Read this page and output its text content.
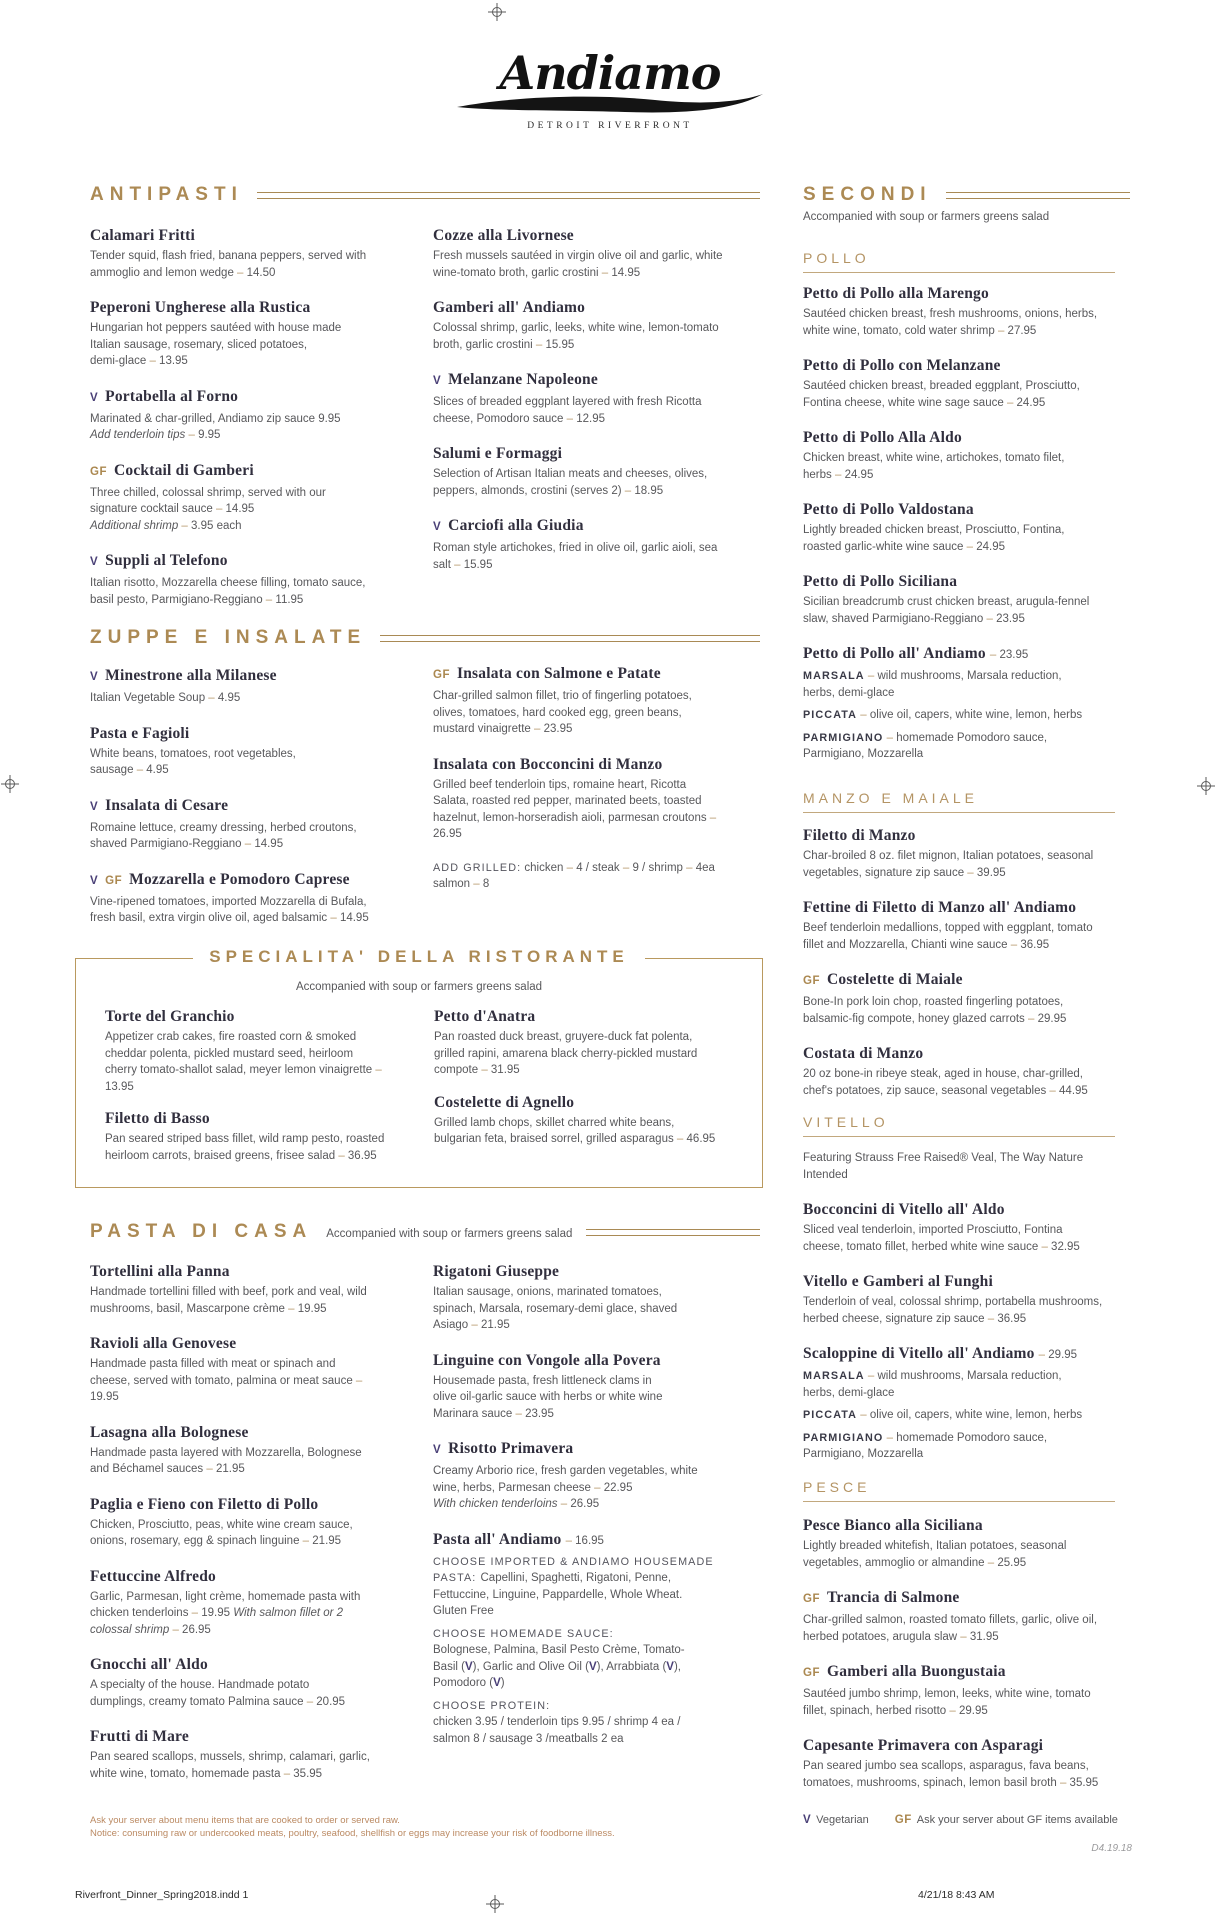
Andiamo
DETROIT RIVERFRONT
ANTIPASTI
Calamari Fritti
Tender squid, flash fried, banana peppers, served with
ammoglio and lemon wedge – 14.50
Peperoni Ungherese alla Rustica
Hungarian hot peppers sautéed with house made
Italian sausage, rosemary, sliced potatoes,
demi-glace – 13.95
V Portabella al Forno
Marinated & char-grilled, Andiamo zip sauce 9.95
Add tenderloin tips – 9.95
GF Cocktail di Gamberi
Three chilled, colossal shrimp, served with our
signature cocktail sauce – 14.95
Additional shrimp – 3.95 each
V Suppli al Telefono
Italian risotto, Mozzarella cheese filling, tomato sauce,
basil pesto, Parmigiano-Reggiano – 11.95
Cozze alla Livornese
Fresh mussels sautéed in virgin olive oil and garlic, white
wine-tomato broth, garlic crostini – 14.95
Gamberi all' Andiamo
Colossal shrimp, garlic, leeks, white wine, lemon-tomato
broth, garlic crostini – 15.95
V Melanzane Napoleone
Slices of breaded eggplant layered with fresh Ricotta
cheese, Pomodoro sauce – 12.95
Salumi e Formaggi
Selection of Artisan Italian meats and cheeses, olives,
peppers, almonds, crostini (serves 2) – 18.95
V Carciofi alla Giudia
Roman style artichokes, fried in olive oil, garlic aioli, sea
salt – 15.95
ZUPPE E INSALATE
V Minestrone alla Milanese
Italian Vegetable Soup – 4.95
Pasta e Fagioli
White beans, tomatoes, root vegetables,
sausage – 4.95
V Insalata di Cesare
Romaine lettuce, creamy dressing, herbed croutons,
shaved Parmigiano-Reggiano – 14.95
V GF Mozzarella e Pomodoro Caprese
Vine-ripened tomatoes, imported Mozzarella di Bufala,
fresh basil, extra virgin olive oil, aged balsamic – 14.95
GF Insalata con Salmone e Patate
Char-grilled salmon fillet, trio of fingerling potatoes,
olives, tomatoes, hard cooked egg, green beans,
mustard vinaigrette – 23.95
Insalata con Bocconcini di Manzo
Grilled beef tenderloin tips, romaine heart, Ricotta
Salata, roasted red pepper, marinated beets, toasted
hazelnut, lemon-horseradish aioli, parmesan croutons –
26.95
ADD GRILLED: chicken – 4 / steak – 9 / shrimp – 4ea
salmon – 8
SPECIALITA' DELLA RISTORANTE
Accompanied with soup or farmers greens salad
Torte del Granchio
Appetizer crab cakes, fire roasted corn & smoked
cheddar polenta, pickled mustard seed, heirloom
cherry tomato-shallot salad, meyer lemon vinaigrette –
13.95
Filetto di Basso
Pan seared striped bass fillet, wild ramp pesto, roasted
heirloom carrots, braised greens, frisee salad – 36.95
Petto d'Anatra
Pan roasted duck breast, gruyere-duck fat polenta,
grilled rapini, amarena black cherry-pickled mustard
compote – 31.95
Costelette di Agnello
Grilled lamb chops, skillet charred white beans,
bulgarian feta, braised sorrel, grilled asparagus – 46.95
PASTA DI CASA Accompanied with soup or farmers greens salad
Tortellini alla Panna
Handmade tortellini filled with beef, pork and veal, wild
mushrooms, basil, Mascarpone crème – 19.95
Ravioli alla Genovese
Handmade pasta filled with meat or spinach and
cheese, served with tomato, palmina or meat sauce –
19.95
Lasagna alla Bolognese
Handmade pasta layered with Mozzarella, Bolognese
and Béchamel sauces – 21.95
Paglia e Fieno con Filetto di Pollo
Chicken, Prosciutto, peas, white wine cream sauce,
onions, rosemary, egg & spinach linguine – 21.95
Fettuccine Alfredo
Garlic, Parmesan, light crème, homemade pasta with
chicken tenderloins – 19.95 With salmon fillet or 2
colossal shrimp – 26.95
Gnocchi all' Aldo
A specialty of the house. Handmade potato
dumplings, creamy tomato Palmina sauce – 20.95
Frutti di Mare
Pan seared scallops, mussels, shrimp, calamari, garlic,
white wine, tomato, homemade pasta – 35.95
Rigatoni Giuseppe
Italian sausage, onions, marinated tomatoes,
spinach, Marsala, rosemary-demi glace, shaved
Asiago – 21.95
Linguine con Vongole alla Povera
Housemade pasta, fresh littleneck clams in
olive oil-garlic sauce with herbs or white wine
Marinara sauce – 23.95
V Risotto Primavera
Creamy Arborio rice, fresh garden vegetables, white
wine, herbs, Parmesan cheese – 22.95
With chicken tenderloins – 26.95
Pasta all' Andiamo – 16.95
CHOOSE IMPORTED & ANDIAMO HOUSEMADE
PASTA: Capellini, Spaghetti, Rigatoni, Penne,
Fettuccine, Linguine, Pappardelle, Whole Wheat.
Gluten Free
CHOOSE HOMEMADE SAUCE:
Bolognese, Palmina, Basil Pesto Crème, Tomato-
Basil (V), Garlic and Olive Oil (V), Arrabbiata (V),
Pomodoro (V)
CHOOSE PROTEIN:
chicken 3.95 / tenderloin tips 9.95 / shrimp 4 ea /
salmon 8 / sausage 3 /meatballs 2 ea
SECONDI
Accompanied with soup or farmers greens salad
POLLO
Petto di Pollo alla Marengo
Sautéed chicken breast, fresh mushrooms, onions, herbs,
white wine, tomato, cold water shrimp – 27.95
Petto di Pollo con Melanzane
Sautéed chicken breast, breaded eggplant, Prosciutto,
Fontina cheese, white wine sage sauce – 24.95
Petto di Pollo Alla Aldo
Chicken breast, white wine, artichokes, tomato filet,
herbs – 24.95
Petto di Pollo Valdostana
Lightly breaded chicken breast, Prosciutto, Fontina,
roasted garlic-white wine sauce – 24.95
Petto di Pollo Siciliana
Sicilian breadcrumb crust chicken breast, arugula-fennel
slaw, shaved Parmigiano-Reggiano – 23.95
Petto di Pollo all' Andiamo – 23.95
MARSALA – wild mushrooms, Marsala reduction,
herbs, demi-glace
PICCATA – olive oil, capers, white wine, lemon, herbs
PARMIGIANO – homemade Pomodoro sauce,
Parmigiano, Mozzarella
MANZO E MAIALE
Filetto di Manzo
Char-broiled 8 oz. filet mignon, Italian potatoes, seasonal
vegetables, signature zip sauce – 39.95
Fettine di Filetto di Manzo all' Andiamo
Beef tenderloin medallions, topped with eggplant, tomato
fillet and Mozzarella, Chianti wine sauce – 36.95
GF Costelette di Maiale
Bone-In pork loin chop, roasted fingerling potatoes,
balsamic-fig compote, honey glazed carrots – 29.95
Costata di Manzo
20 oz bone-in ribeye steak, aged in house, char-grilled,
chef's potatoes, zip sauce, seasonal vegetables – 44.95
VITELLO
Featuring Strauss Free Raised® Veal, The Way Nature
Intended
Bocconcini di Vitello all' Aldo
Sliced veal tenderloin, imported Prosciutto, Fontina
cheese, tomato fillet, herbed white wine sauce – 32.95
Vitello e Gamberi al Funghi
Tenderloin of veal, colossal shrimp, portabella mushrooms,
herbed cheese, signature zip sauce – 36.95
Scaloppine di Vitello all' Andiamo – 29.95
MARSALA – wild mushrooms, Marsala reduction,
herbs, demi-glace
PICCATA – olive oil, capers, white wine, lemon, herbs
PARMIGIANO – homemade Pomodoro sauce,
Parmigiano, Mozzarella
PESCE
Pesce Bianco alla Siciliana
Lightly breaded whitefish, Italian potatoes, seasonal
vegetables, ammoglio or almandine – 25.95
GF Trancia di Salmone
Char-grilled salmon, roasted tomato fillets, garlic, olive oil,
herbed potatoes, arugula slaw – 31.95
GF Gamberi alla Buongustaia
Sautéed jumbo shrimp, lemon, leeks, white wine, tomato
fillet, spinach, herbed risotto – 29.95
Capesante Primavera con Asparagi
Pan seared jumbo sea scallops, asparagus, fava beans,
tomatoes, mushrooms, spinach, lemon basil broth – 35.95
Ask your server about menu items that are cooked to order or served raw.
Notice: consuming raw or undercooked meats, poultry, seafood, shellfish or eggs may increase your risk of foodborne illness.
V Vegetarian GF Ask your server about GF items available
D4.19.18
Riverfront_Dinner_Spring2018.indd 1	4/21/18 8:43 AM
